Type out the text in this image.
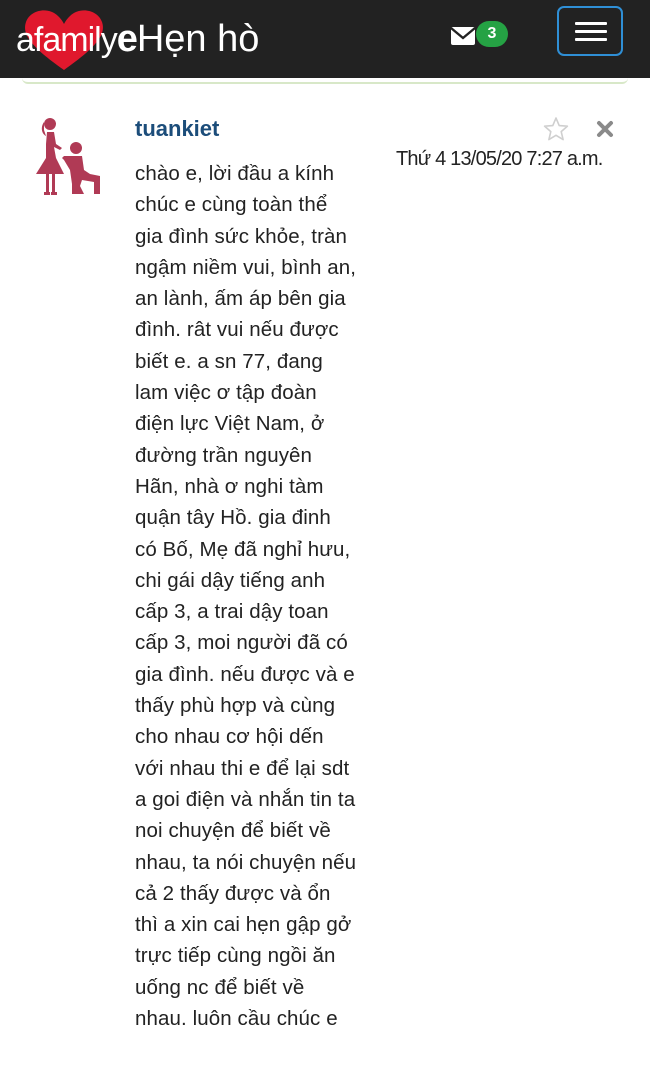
afamilyeHẹn hò	3
tuankiet
Thứ 4 13/05/20 7:27 a.m.

chào e, lời đầu a kính chúc e cùng toàn thể gia đình sức khỏe, tràn ngậm niềm vui, bình an, an lành, ấm áp bên gia đình. rât vui nếu được biết e. a sn 77, đang lam việc ơ tập đoàn điện lực Việt Nam, ở đường trần nguyên Hãn, nhà ơ nghi tàm quận tây Hồ. gia đinh có Bố, Mẹ đã nghỉ hưu, chi gái dậy tiếng anh cấp 3, a trai dậy toan cấp 3, moi người đã có gia đình. nếu được và e thấy phù hợp và cùng cho nhau cơ hội dến với nhau thi e để lại sdt a goi điện và nhắn tin ta noi chuyện để biết về nhau, ta nói chuyện nếu cả 2 thấy được và ổn thì a xin cai hẹn gập gở trực tiếp cùng ngồi ăn uống nc để biết về nhau. luôn cầu chúc e
